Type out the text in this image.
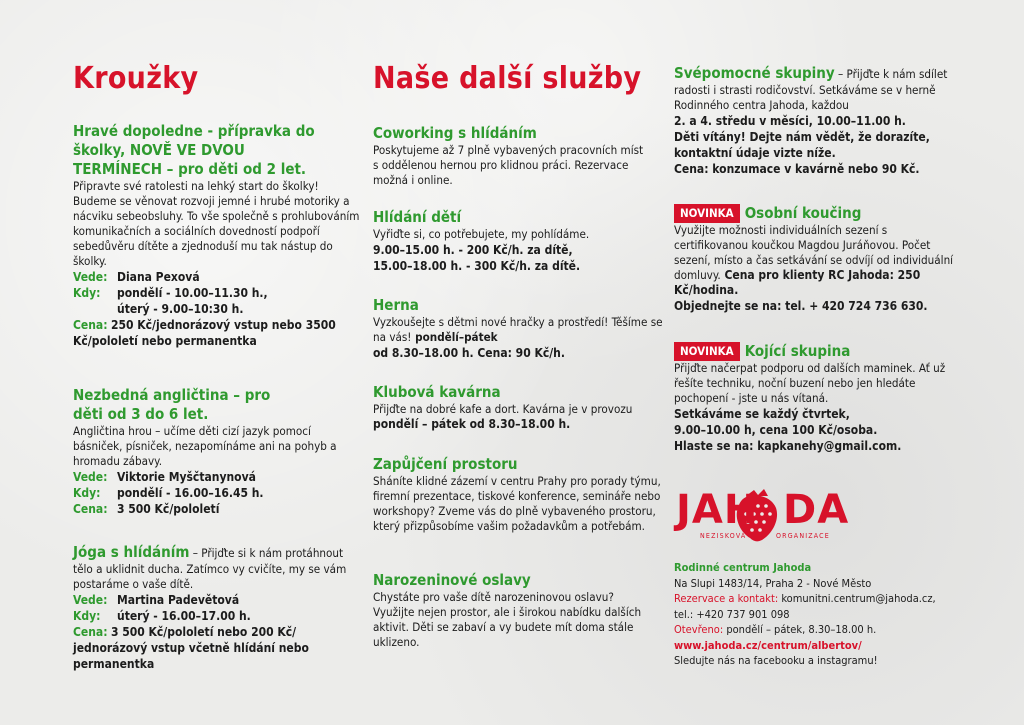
Kroužky

Hravé dopoledne - přípravka do školky, NOVĚ VE DVOU TERMÍNECH – pro děti od 2 let.

Připravte své ratolesti na lehký start do školky! Budeme se věnovat rozvoji jemné i hrubé motoriky a nácviku sebeobsluhy. To vše společně s prohlubováním komunikačních a sociálních dovedností podpoří sebedůvěru dítěte a zjednoduší mu tak nástup do školky.

Vede: Diana Pexová
Kdy:	pondělí - 10.00–11.30 h.,
úterý - 9.00–10:30 h.
Cena: 250 Kč/jednorázový vstup nebo 3500 Kč/pololetí nebo permanentka

Nezbedná angličtina – pro děti od 3 do 6 let.

Angličtina hrou – učíme děti cizí jazyk pomocí básniček, písniček, nezapomínáme ani na pohyb a hromadu zábavy.

Vede: Viktorie Myščtanynová
Kdy:	pondělí - 16.00–16.45 h.
Cena: 3 500 Kč/pololetí

Jóga s hlídáním – Přijďte si k nám protáhnout tělo a uklidnit ducha. Zatímco vy cvičíte, my se vám postaráme o vaše dítě.

Vede: Martina Padevětová
Kdy:	úterý - 16.00–17.00 h.
Cena: 3 500 Kč/pololetí nebo 200 Kč/ jednorázový vstup včetně hlídání nebo permanentka
Naše další služby

Coworking s hlídáním

Poskytujeme až 7 plně vybavených pracovních míst s oddělenou hernou pro klidnou práci. Rezervace možná i online.

Hlídání dětí

Vyřiďte si, co potřebujete, my pohlídáme.

9.00–15.00 h. - 200 Kč/h. za dítě,

15.00–18.00 h. - 300 Kč/h. za dítě.

Herna

Vyzkoušejte s dětmi nové hračky a prostředí! Těšíme se na vás! pondělí–pátek

od 8.30–18.00 h. Cena: 90 Kč/h.

Klubová kavárna

Přijďte na dobré kafe a dort. Kavárna je v provozu pondělí – pátek od 8.30–18.00 h.

Zapůjčení prostoru

Sháníte klidné zázemí v centru Prahy pro porady týmu, firemní prezentace, tiskové konference, semináře nebo workshopy? Zveme vás do plně vybaveného prostoru, který přizpůsobíme vašim požadavkům a potřebám.

Narozeninové oslavy

Chystáte pro vaše dítě narozeninovou oslavu? Využijte nejen prostor, ale i širokou nabídku dalších aktivit. Děti se zabaví a vy budete mít doma stále uklizeno.

Svépomocné skupiny – Přijďte k nám sdílet radosti i strasti rodičovství. Setkáváme se v herně Rodinného centra Jahoda, každou

2. a 4. středu v měsíci, 10.00–11.00 h.

Děti vítány! Dejte nám vědět, že dorazíte, kontaktní údaje vizte níže.

Cena: konzumace v kavárně nebo 90 Kč.

NOVINKA Osobní koučing

Využijte možnosti individuálních sezení s certifikovanou koučkou Magdou Juráňovou. Počet sezení, místo a čas setkávání se odvíjí od individuální domluvy. Cena pro klienty RC Jahoda: 250 Kč/hodina.

Objednejte se na: tel. + 420 724 736 630.

NOVINKA Kojící skupina

Přijďte načerpat podporu od dalších maminek. Ať už řešíte techniku, noční buzení nebo jen hledáte pochopení - jste u nás vítaná.

Setkáváme se každý čtvrtek,

9.00–10.00 h, cena 100 Kč/osoba.

Hlaste se na: kapkanehy@gmail.com.

JAH DA
NEZISKOVÁ	ORGANIZACE

Rodinné centrum Jahoda

Na Slupi 1483/14, Praha 2 - Nové Město

Rezervace a kontakt: komunitni.centrum@jahoda.cz,

tel.: +420 737 901 098

Otevřeno: pondělí – pátek, 8.30–18.00 h.

www.jahoda.cz/centrum/albertov/

Sledujte nás na facebooku a instagramu!
